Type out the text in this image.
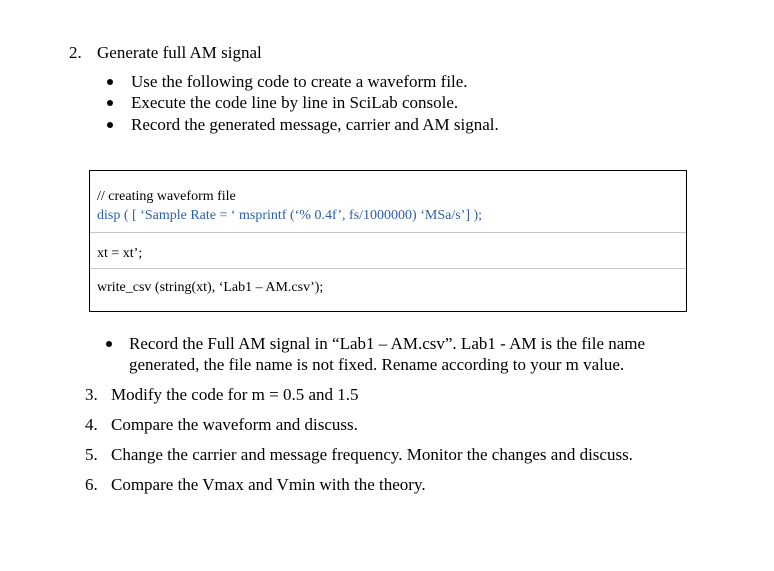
2. Generate full AM signal
Use the following code to create a waveform file.
Execute the code line by line in SciLab console.
Record the generated message, carrier and AM signal.
// creating waveform file
disp ( [ ‘Sample Rate = ‘ msprintf (‘% 0.4f’, fs/1000000) ‘MSa/s’] );
xt = xt’;
write_csv (string(xt), ‘Lab1 – AM.csv’);
Record the Full AM signal in “Lab1 – AM.csv”. Lab1 - AM is the file name
generated, the file name is not fixed. Rename according to your m value.
3. Modify the code for m = 0.5 and 1.5
4. Compare the waveform and discuss.
5. Change the carrier and message frequency. Monitor the changes and discuss.
6. Compare the Vmax and Vmin with the theory.
